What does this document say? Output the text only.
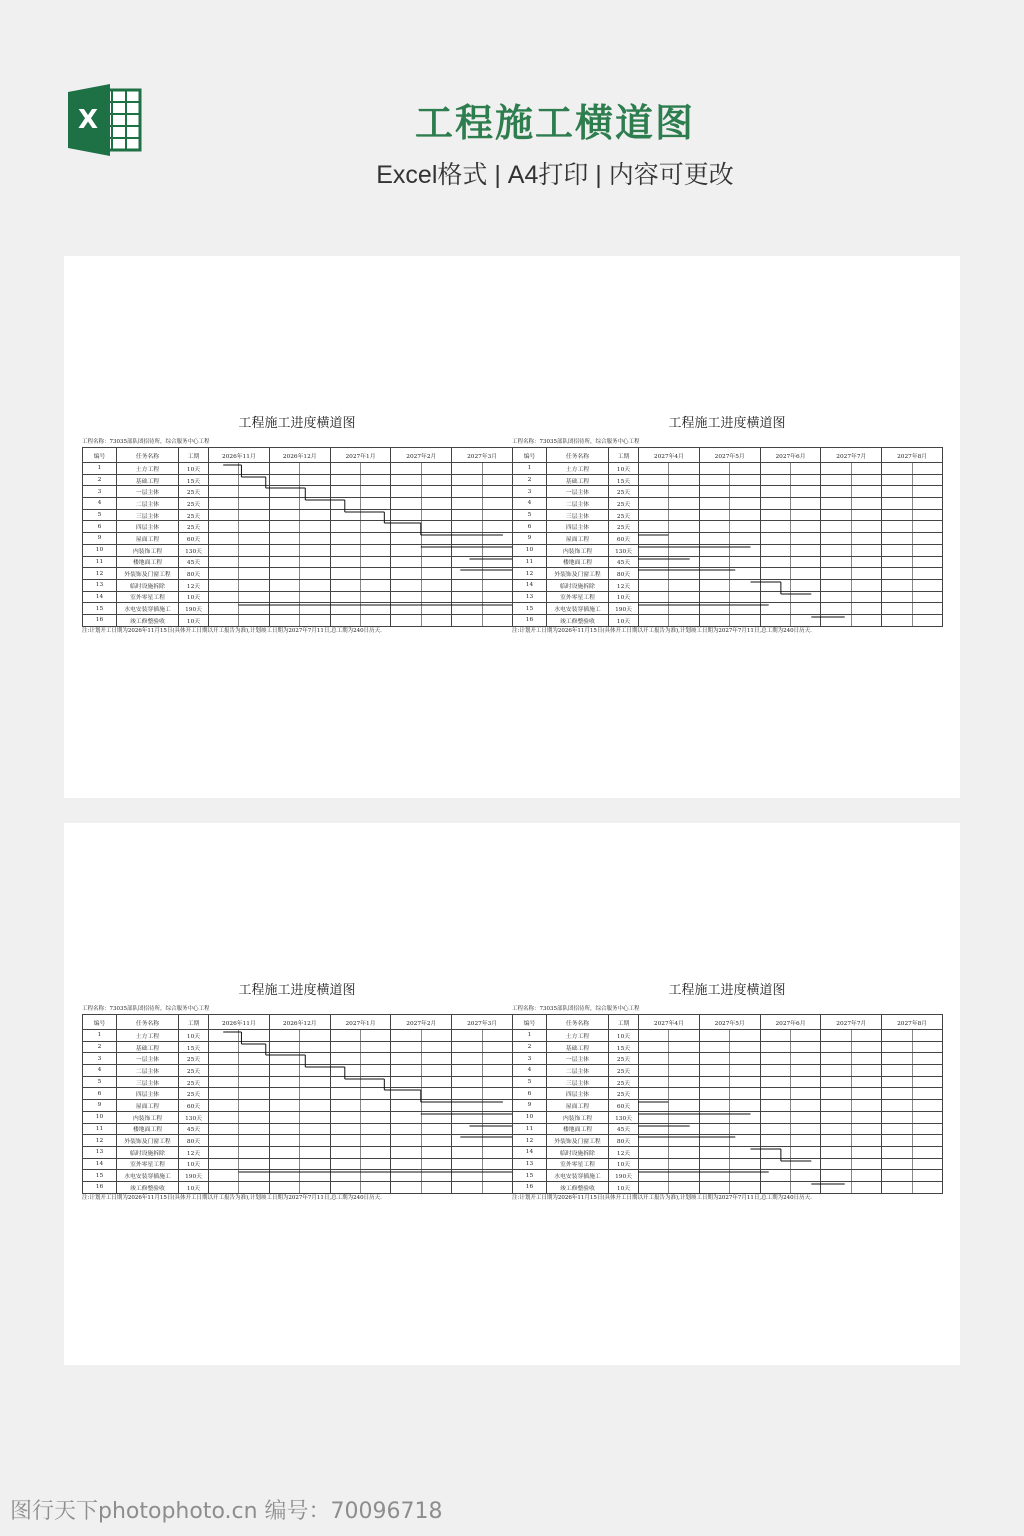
X	工程施工横道图
Excel格式 | A4打印 | 内容可更改
工程施工进度横道图
工程名称：73035部队团招待所，综合服务中心工程
编号	任务名称	工期	2026年11月		2026年12月		2027年1月		2027年2月		2027年3月	
1	土方工程	10天										
2	基础工程	15天										
3	一层主体	25天										
4	二层主体	25天										
5	三层主体	25天										
6	四层主体	25天										
9	屋面工程	60天										
10	内装饰工程	130天										
11	楼地面工程	45天										
12	外装饰及门窗工程	80天										
13	临时设施拆除	12天										
14	室外零星工程	10天										
15	水电安装穿插施工	190天										
16	竣工修整验收	10天										
注:计划开工日期为2026年11月15日(具体开工日期以开工报告为准),计划竣工日期为2027年7月11日,总工期为240日历天.
工程施工进度横道图
工程名称：73035部队团招待所，综合服务中心工程
编号	任务名称	工期	2027年4月		2027年5月		2027年6月		2027年7月		2027年8月	
1	土方工程	10天										
2	基础工程	15天										
3	一层主体	25天										
4	二层主体	25天										
5	三层主体	25天										
6	四层主体	25天										
9	屋面工程	60天										
10	内装饰工程	130天										
11	楼地面工程	45天										
12	外装饰及门窗工程	80天										
14	临时设施拆除	12天										
13	室外零星工程	10天										
15	水电安装穿插施工	190天										
16	竣工修整验收	10天										
注:计划开工日期为2026年11月15日(具体开工日期以开工报告为准),计划竣工日期为2027年7月11日,总工期为240日历天.
工程施工进度横道图
工程名称：73035部队团招待所，综合服务中心工程
编号	任务名称	工期	2026年11月		2026年12月		2027年1月		2027年2月		2027年3月	
1	土方工程	10天										
2	基础工程	15天										
3	一层主体	25天										
4	二层主体	25天										
5	三层主体	25天										
6	四层主体	25天										
9	屋面工程	60天										
10	内装饰工程	130天										
11	楼地面工程	45天										
12	外装饰及门窗工程	80天										
13	临时设施拆除	12天										
14	室外零星工程	10天										
15	水电安装穿插施工	190天										
16	竣工修整验收	10天										
注:计划开工日期为2026年11月15日(具体开工日期以开工报告为准),计划竣工日期为2027年7月11日,总工期为240日历天.
工程施工进度横道图
工程名称：73035部队团招待所，综合服务中心工程
编号	任务名称	工期	2027年4月		2027年5月		2027年6月		2027年7月		2027年8月	
1	土方工程	10天										
2	基础工程	15天										
3	一层主体	25天										
4	二层主体	25天										
5	三层主体	25天										
6	四层主体	25天										
9	屋面工程	60天										
10	内装饰工程	130天										
11	楼地面工程	45天										
12	外装饰及门窗工程	80天										
14	临时设施拆除	12天										
13	室外零星工程	10天										
15	水电安装穿插施工	190天										
16	竣工修整验收	10天										
注:计划开工日期为2026年11月15日(具体开工日期以开工报告为准),计划竣工日期为2027年7月11日,总工期为240日历天.
图行天下photophoto.cn 编号：70096718
